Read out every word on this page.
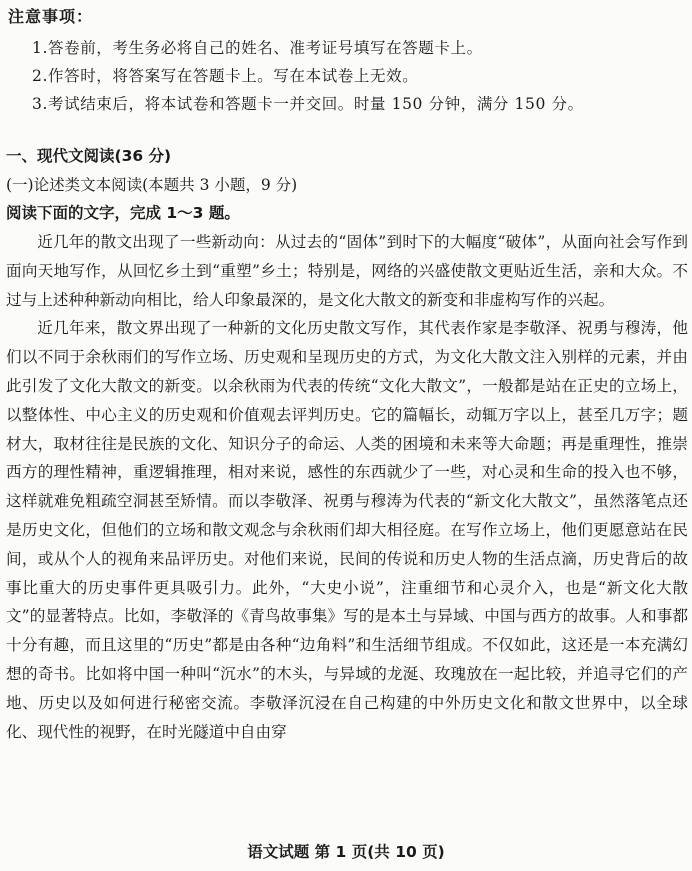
注意事项：
1.答卷前，考生务必将自己的姓名、准考证号填写在答题卡上。
2.作答时，将答案写在答题卡上。写在本试卷上无效。
3.考试结束后，将本试卷和答题卡一并交回。时量 150 分钟，满分 150 分。
一、现代文阅读(36 分)
(一)论述类文本阅读(本题共 3 小题，9 分)
阅读下面的文字，完成 1～3 题。

近几年的散文出现了一些新动向：从过去的“固体”到时下的大幅度“破体”，从面向社会写作到面向天地写作，从回忆乡土到“重塑”乡土；特别是，网络的兴盛使散文更贴近生活，亲和大众。不过与上述种种新动向相比，给人印象最深的，是文化大散文的新变和非虚构写作的兴起。

近几年来，散文界出现了一种新的文化历史散文写作，其代表作家是李敬泽、祝勇与穆涛，他们以不同于余秋雨们的写作立场、历史观和呈现历史的方式，为文化大散文注入别样的元素，并由此引发了文化大散文的新变。以余秋雨为代表的传统“文化大散文”，一般都是站在正史的立场上，以整体性、中心主义的历史观和价值观去评判历史。它的篇幅长，动辄万字以上，甚至几万字；题材大，取材往往是民族的文化、知识分子的命运、人类的困境和未来等大命题；再是重理性，推崇西方的理性精神，重逻辑推理，相对来说，感性的东西就少了一些，对心灵和生命的投入也不够，这样就难免粗疏空洞甚至矫情。而以李敬泽、祝勇与穆涛为代表的“新文化大散文”，虽然落笔点还是历史文化，但他们的立场和散文观念与余秋雨们却大相径庭。在写作立场上，他们更愿意站在民间，或从个人的视角来品评历史。对他们来说，民间的传说和历史人物的生活点滴，历史背后的故事比重大的历史事件更具吸引力。此外，“大史小说”，注重细节和心灵介入，也是“新文化大散文”的显著特点。比如，李敬泽的《青鸟故事集》写的是本土与异域、中国与西方的故事。人和事都十分有趣，而且这里的“历史”都是由各种“边角料”和生活细节组成。不仅如此，这还是一本充满幻想的奇书。比如将中国一种叫“沉水”的木头，与异域的龙涎、玫瑰放在一起比较，并追寻它们的产地、历史以及如何进行秘密交流。李敬泽沉浸在自己构建的中外历史文化和散文世界中，以全球化、现代性的视野，在时光隧道中自由穿

语文试题 第 1 页(共 10 页)
